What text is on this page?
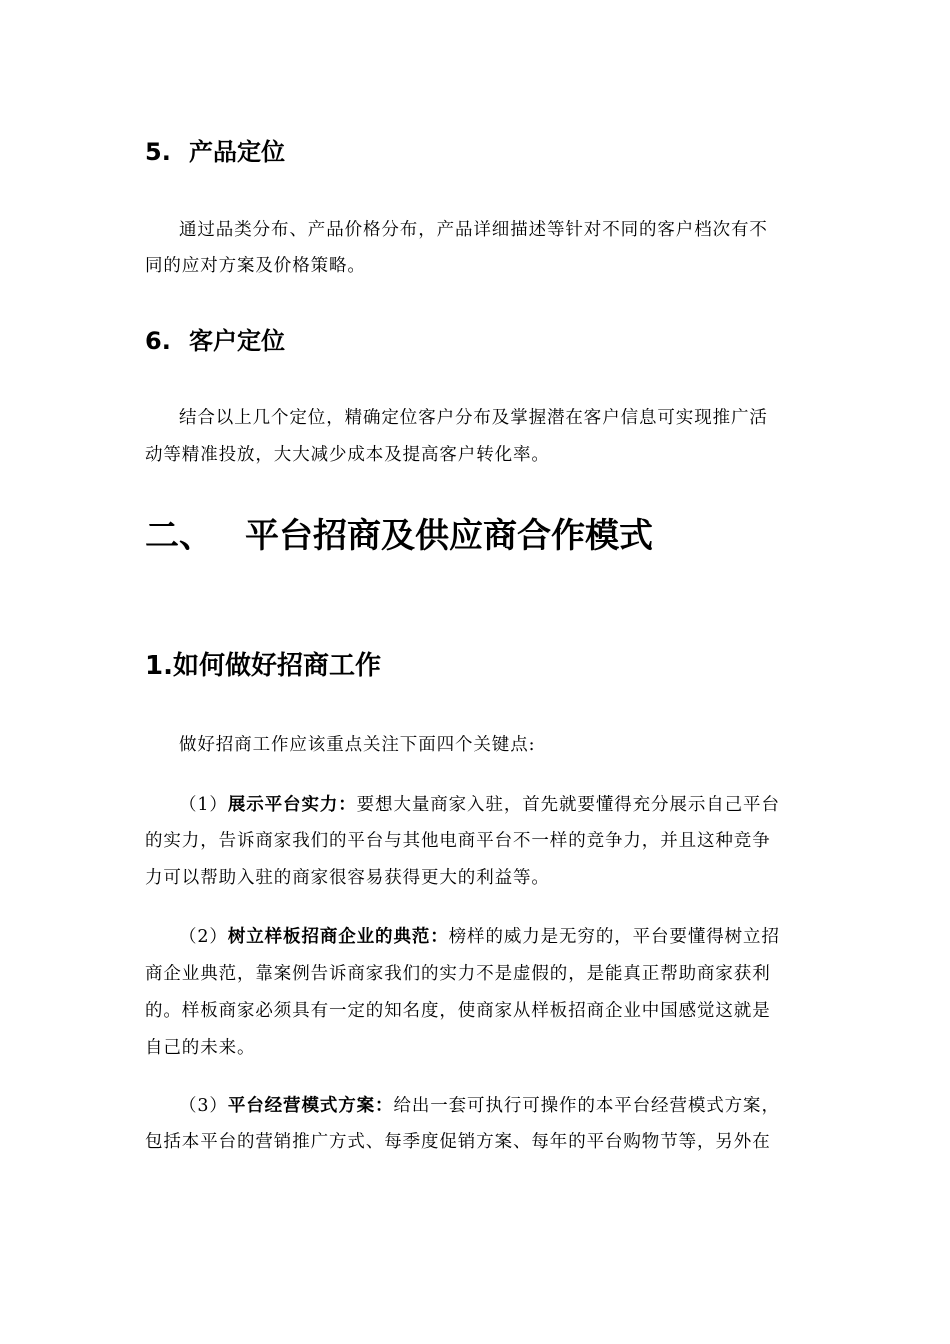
5. 产品定位
通过品类分布、产品价格分布，产品详细描述等针对不同的客户档次有不
同的应对方案及价格策略。
6. 客户定位
结合以上几个定位，精确定位客户分布及掌握潜在客户信息可实现推广活
动等精准投放，大大减少成本及提高客户转化率。
二、 平台招商及供应商合作模式
1.如何做好招商工作
做好招商工作应该重点关注下面四个关键点:
（1）展示平台实力：要想大量商家入驻，首先就要懂得充分展示自己平台
的实力，告诉商家我们的平台与其他电商平台不一样的竞争力，并且这种竞争
力可以帮助入驻的商家很容易获得更大的利益等。
（2）树立样板招商企业的典范：榜样的威力是无穷的，平台要懂得树立招
商企业典范，靠案例告诉商家我们的实力不是虚假的，是能真正帮助商家获利
的。样板商家必须具有一定的知名度，使商家从样板招商企业中国感觉这就是
自己的未来。
（3）平台经营模式方案：给出一套可执行可操作的本平台经营模式方案，
包括本平台的营销推广方式、每季度促销方案、每年的平台购物节等，另外在
